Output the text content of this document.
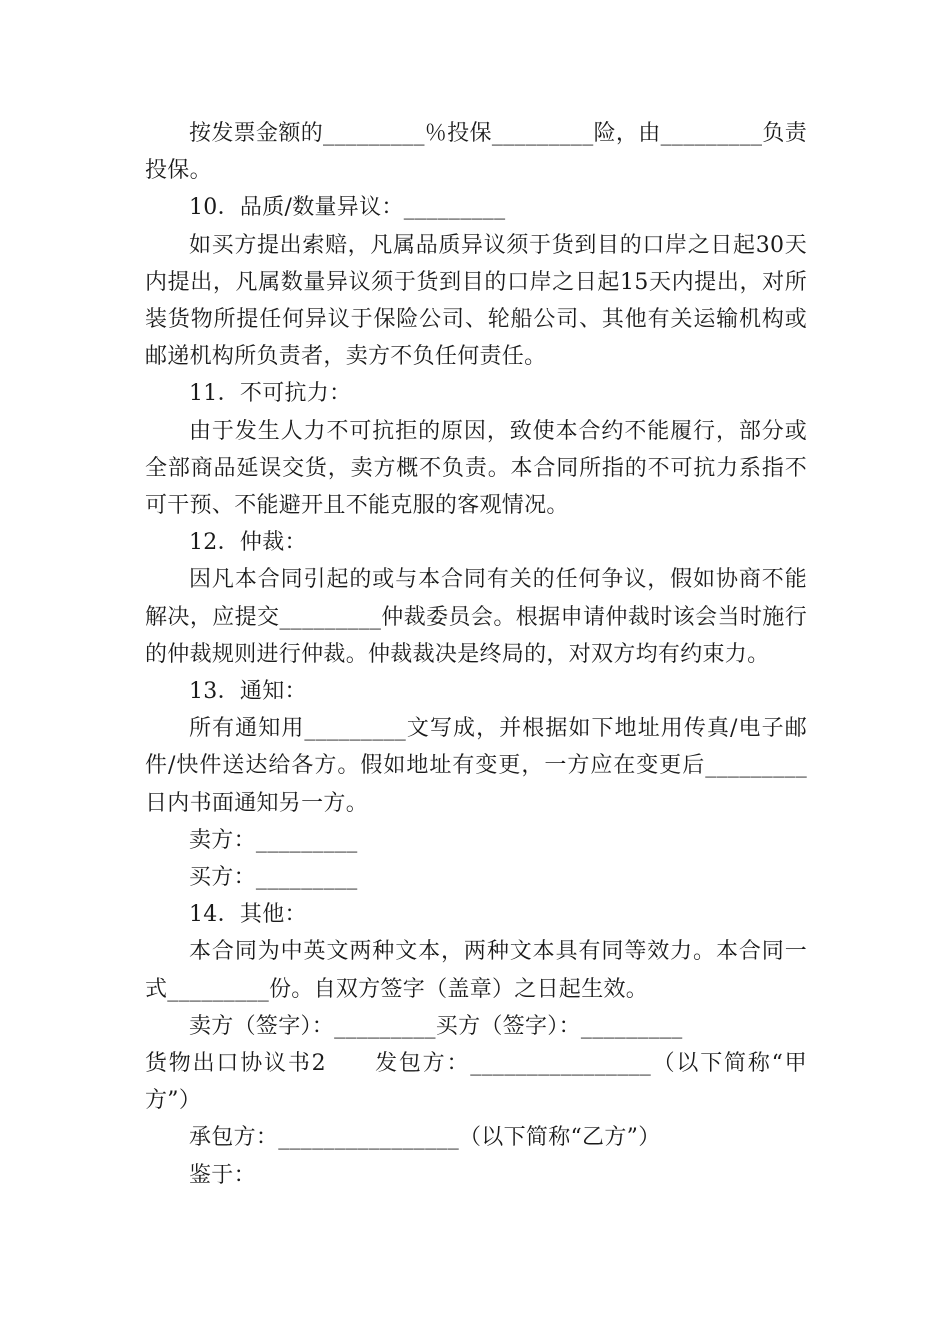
按发票金额的_________％投保_________险，由_________负责投保。

10．品质/数量异议：_________

如买方提出索赔，凡属品质异议须于货到目的口岸之日起30天内提出，凡属数量异议须于货到目的口岸之日起15天内提出，对所装货物所提任何异议于保险公司、轮船公司、其他有关运输机构或邮递机构所负责者，卖方不负任何责任。

11．不可抗力：

由于发生人力不可抗拒的原因，致使本合约不能履行，部分或全部商品延误交货，卖方概不负责。本合同所指的不可抗力系指不可干预、不能避开且不能克服的客观情况。

12．仲裁：

因凡本合同引起的或与本合同有关的任何争议，假如协商不能解决，应提交_________仲裁委员会。根据申请仲裁时该会当时施行的仲裁规则进行仲裁。仲裁裁决是终局的，对双方均有约束力。

13．通知：

所有通知用_________文写成，并根据如下地址用传真/电子邮件/快件送达给各方。假如地址有变更，一方应在变更后_________日内书面通知另一方。

卖方：_________

买方：_________

14．其他：

本合同为中英文两种文本，两种文本具有同等效力。本合同一式_________份。自双方签字（盖章）之日起生效。

卖方（签字）：_________买方（签字）：_________

货物出口协议书2　　发包方：________________（以下简称“甲方”）

承包方：________________（以下简称“乙方”）

鉴于：
